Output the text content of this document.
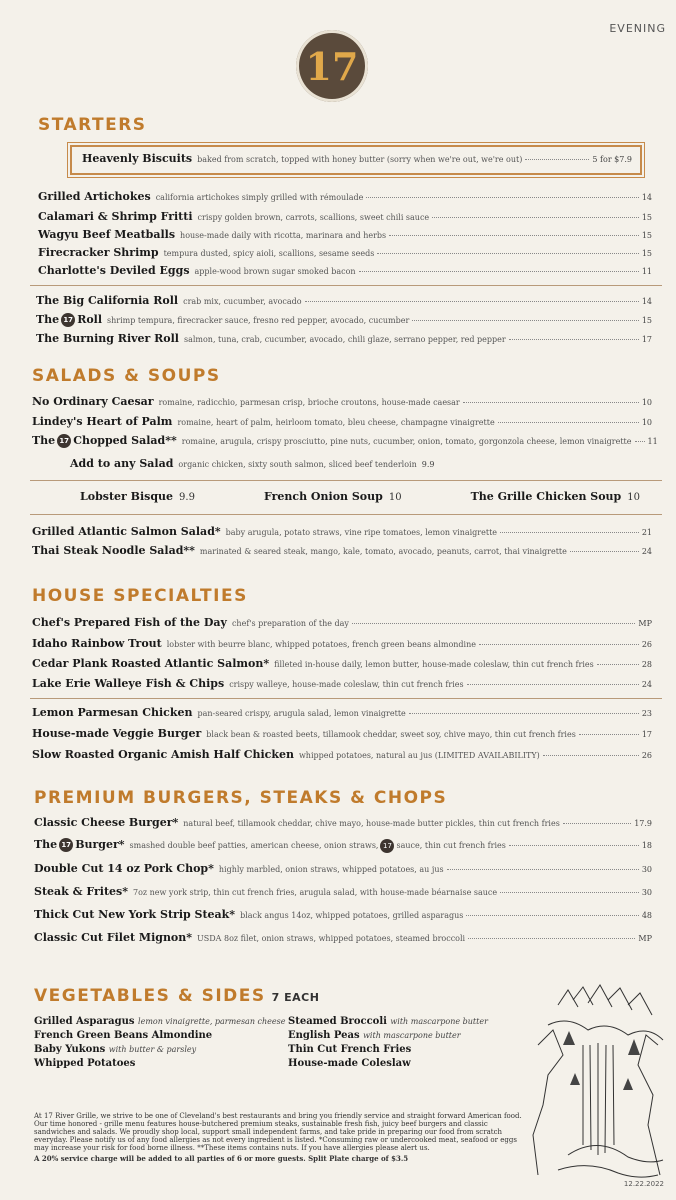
EVENING
17
STARTERS
Heavenly Biscuits baked from scratch, topped with honey butter (sorry when we're out, we're out)	5 for $7.9
Grilled Artichokes california artichokes simply grilled with rémoulade	14
Calamari & Shrimp Fritti crispy golden brown, carrots, scallions, sweet chili sauce	15
Wagyu Beef Meatballs house-made daily with ricotta, marinara and herbs	15
Firecracker Shrimp tempura dusted, spicy aioli, scallions, sesame seeds	15
Charlotte's Deviled Eggs apple-wood brown sugar smoked bacon	11
The Big California Roll crab mix, cucumber, avocado	14
The 17 Roll shrimp tempura, firecracker sauce, fresno red pepper, avocado, cucumber	15
The Burning River Roll salmon, tuna, crab, cucumber, avocado, chili glaze, serrano pepper, red pepper	17
SALADS & SOUPS
No Ordinary Caesar romaine, radicchio, parmesan crisp, brioche croutons, house-made caesar	10
Lindey's Heart of Palm romaine, heart of palm, heirloom tomato, bleu cheese, champagne vinaigrette	10
The 17 Chopped Salad** romaine, arugula, crispy prosciutto, pine nuts, cucumber, onion, tomato, gorgonzola cheese, lemon vinaigrette 11
Add to any Salad organic chicken, sixty south salmon, sliced beef tenderloin 9.9
Lobster Bisque 9.9	French Onion Soup 10	The Grille Chicken Soup 10
Grilled Atlantic Salmon Salad* baby arugula, potato straws, vine ripe tomatoes, lemon vinaigrette	21
Thai Steak Noodle Salad** marinated & seared steak, mango, kale, tomato, avocado, peanuts, carrot, thai vinaigrette	24
HOUSE SPECIALTIES
Chef's Prepared Fish of the Day chef's preparation of the day	MP
Idaho Rainbow Trout lobster with beurre blanc, whipped potatoes, french green beans almondine	26
Cedar Plank Roasted Atlantic Salmon* filleted in-house daily, lemon butter, house-made coleslaw, thin cut french fries	28
Lake Erie Walleye Fish & Chips crispy walleye, house-made coleslaw, thin cut french fries	24
Lemon Parmesan Chicken pan-seared crispy, arugula salad, lemon vinaigrette	23
House-made Veggie Burger black bean & roasted beets, tillamook cheddar, sweet soy, chive mayo, thin cut french fries	17
Slow Roasted Organic Amish Half Chicken whipped potatoes, natural au jus (LIMITED AVAILABILITY)	26
PREMIUM BURGERS, STEAKS & CHOPS
Classic Cheese Burger* natural beef, tillamook cheddar, chive mayo, house-made butter pickles, thin cut french fries	17.9
The 17 Burger* smashed double beef patties, american cheese, onion straws, 17 sauce, thin cut french fries	18
Double Cut 14 oz Pork Chop* highly marbled, onion straws, whipped potatoes, au jus	30
Steak & Frites* 7oz new york strip, thin cut french fries, arugula salad, with house-made béarnaise sauce	30
Thick Cut New York Strip Steak* black angus 14oz, whipped potatoes, grilled asparagus	48
Classic Cut Filet Mignon* USDA 8oz filet, onion straws, whipped potatoes, steamed broccoli	MP
VEGETABLES & SIDES 7 EACH
Grilled Asparagus lemon vinaigrette, parmesan cheese
French Green Beans Almondine
Baby Yukons with butter & parsley
Whipped Potatoes
Steamed Broccoli with mascarpone butter
English Peas with mascarpone butter
Thin Cut French Fries
House-made Coleslaw
At 17 River Grille, we strive to be one of Cleveland's best restaurants and bring you friendly service and straight forward American food. Our time honored - grille menu features house-butchered premium steaks, sustainable fresh fish, juicy beef burgers and classic sandwiches and salads. We proudly shop local, support small independent farms, and take pride in preparing our food from scratch everyday. Please notify us of any food allergies as not every ingredient is listed. *Consuming raw or undercooked meat, seafood or eggs may increase your risk for food borne illness. **These items contains nuts. If you have allergies please alert us.
A 20% service charge will be added to all parties of 6 or more guests. Split Plate charge of $3.5
12.22.2022
